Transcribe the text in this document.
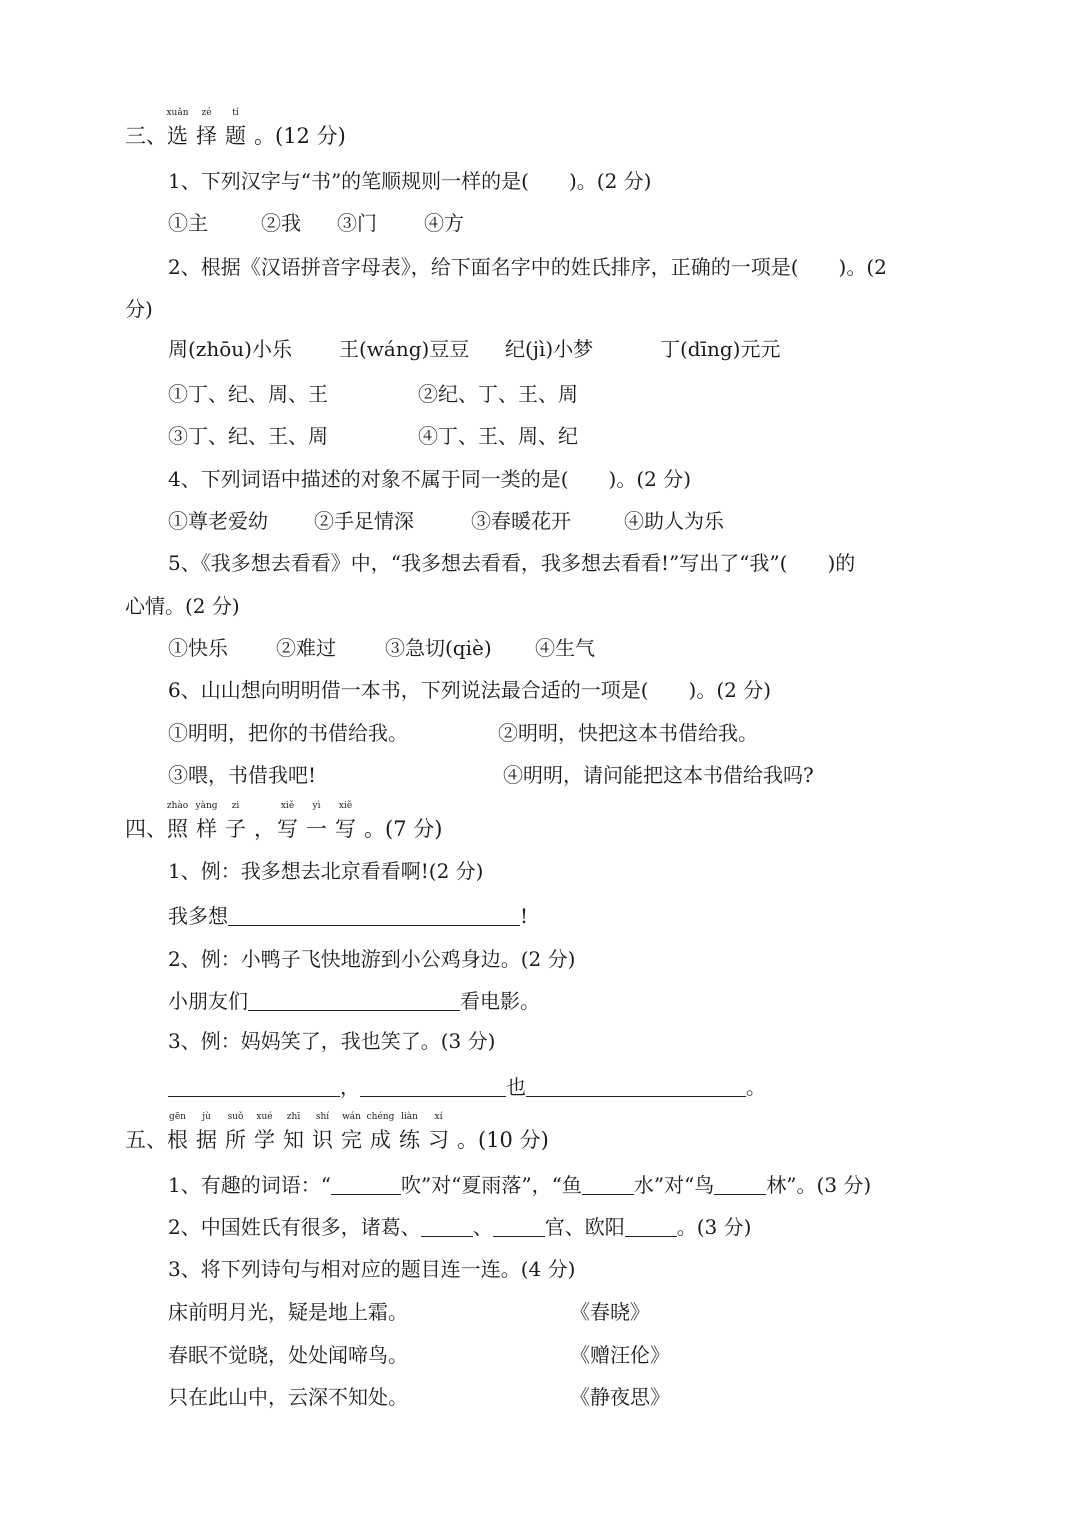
三、
xuǎn
选
zé
择
tí
题 。(12 分)
1、下列汉字与“书”的笔顺规则一样的是(　　)。(2 分)
①主	②我 ③门 ④方
2、根据《汉语拼音字母表》，给下面名字中的姓氏排序，正确的一项是(　　)。(2
分)
周(zhōu)小乐 王(wáng)豆豆 纪(jì)小梦	丁(dīng)元元
①丁、纪、周、王	②纪、丁、王、周
③丁、纪、王、周	④丁、王、周、纪
4、下列词语中描述的对象不属于同一类的是(　　)。(2 分)
①尊老爱幼 ②手足情深	③春暖花开	④助人为乐
5、《我多想去看看》中，“我多想去看看，我多想去看看!”写出了“我”(　　)的
心情。(2 分)
①快乐 ②难过 ③急切(qiè) ④生气
6、山山想向明明借一本书，下列说法最合适的一项是(　　)。(2 分)
①明明，把你的书借给我。	②明明，快把这本书借给我。
③喂，书借我吧!	④明明，请问能把这本书借给我吗?
四、
zhào
照
yàng
样
zi
子 ，
xiě
写
yì
一
xiě
写 。(7 分)
1、例：我多想去北京看看啊!(2 分)
我多想	!
2、例：小鸭子飞快地游到小公鸡身边。(2 分)
小朋友们	看电影。
3、例：妈妈笑了，我也笑了。(3 分)
，	也	。
五、
gēn
根
jù
据
suǒ
所
xué
学
zhī
知
shí
识
wán
完
chéng
成
liàn
练
xí
习 。(10 分)
1、有趣的词语：“	吹”对“夏雨落”，“鱼	水”对“鸟	林”。(3 分)
2、中国姓氏有很多，诸葛、	、	官、欧阳	。(3 分)
3、将下列诗句与相对应的题目连一连。(4 分)
床前明月光，疑是地上霜。	《春晓》
春眠不觉晓，处处闻啼鸟。	《赠汪伦》
只在此山中，云深不知处。	《静夜思》
